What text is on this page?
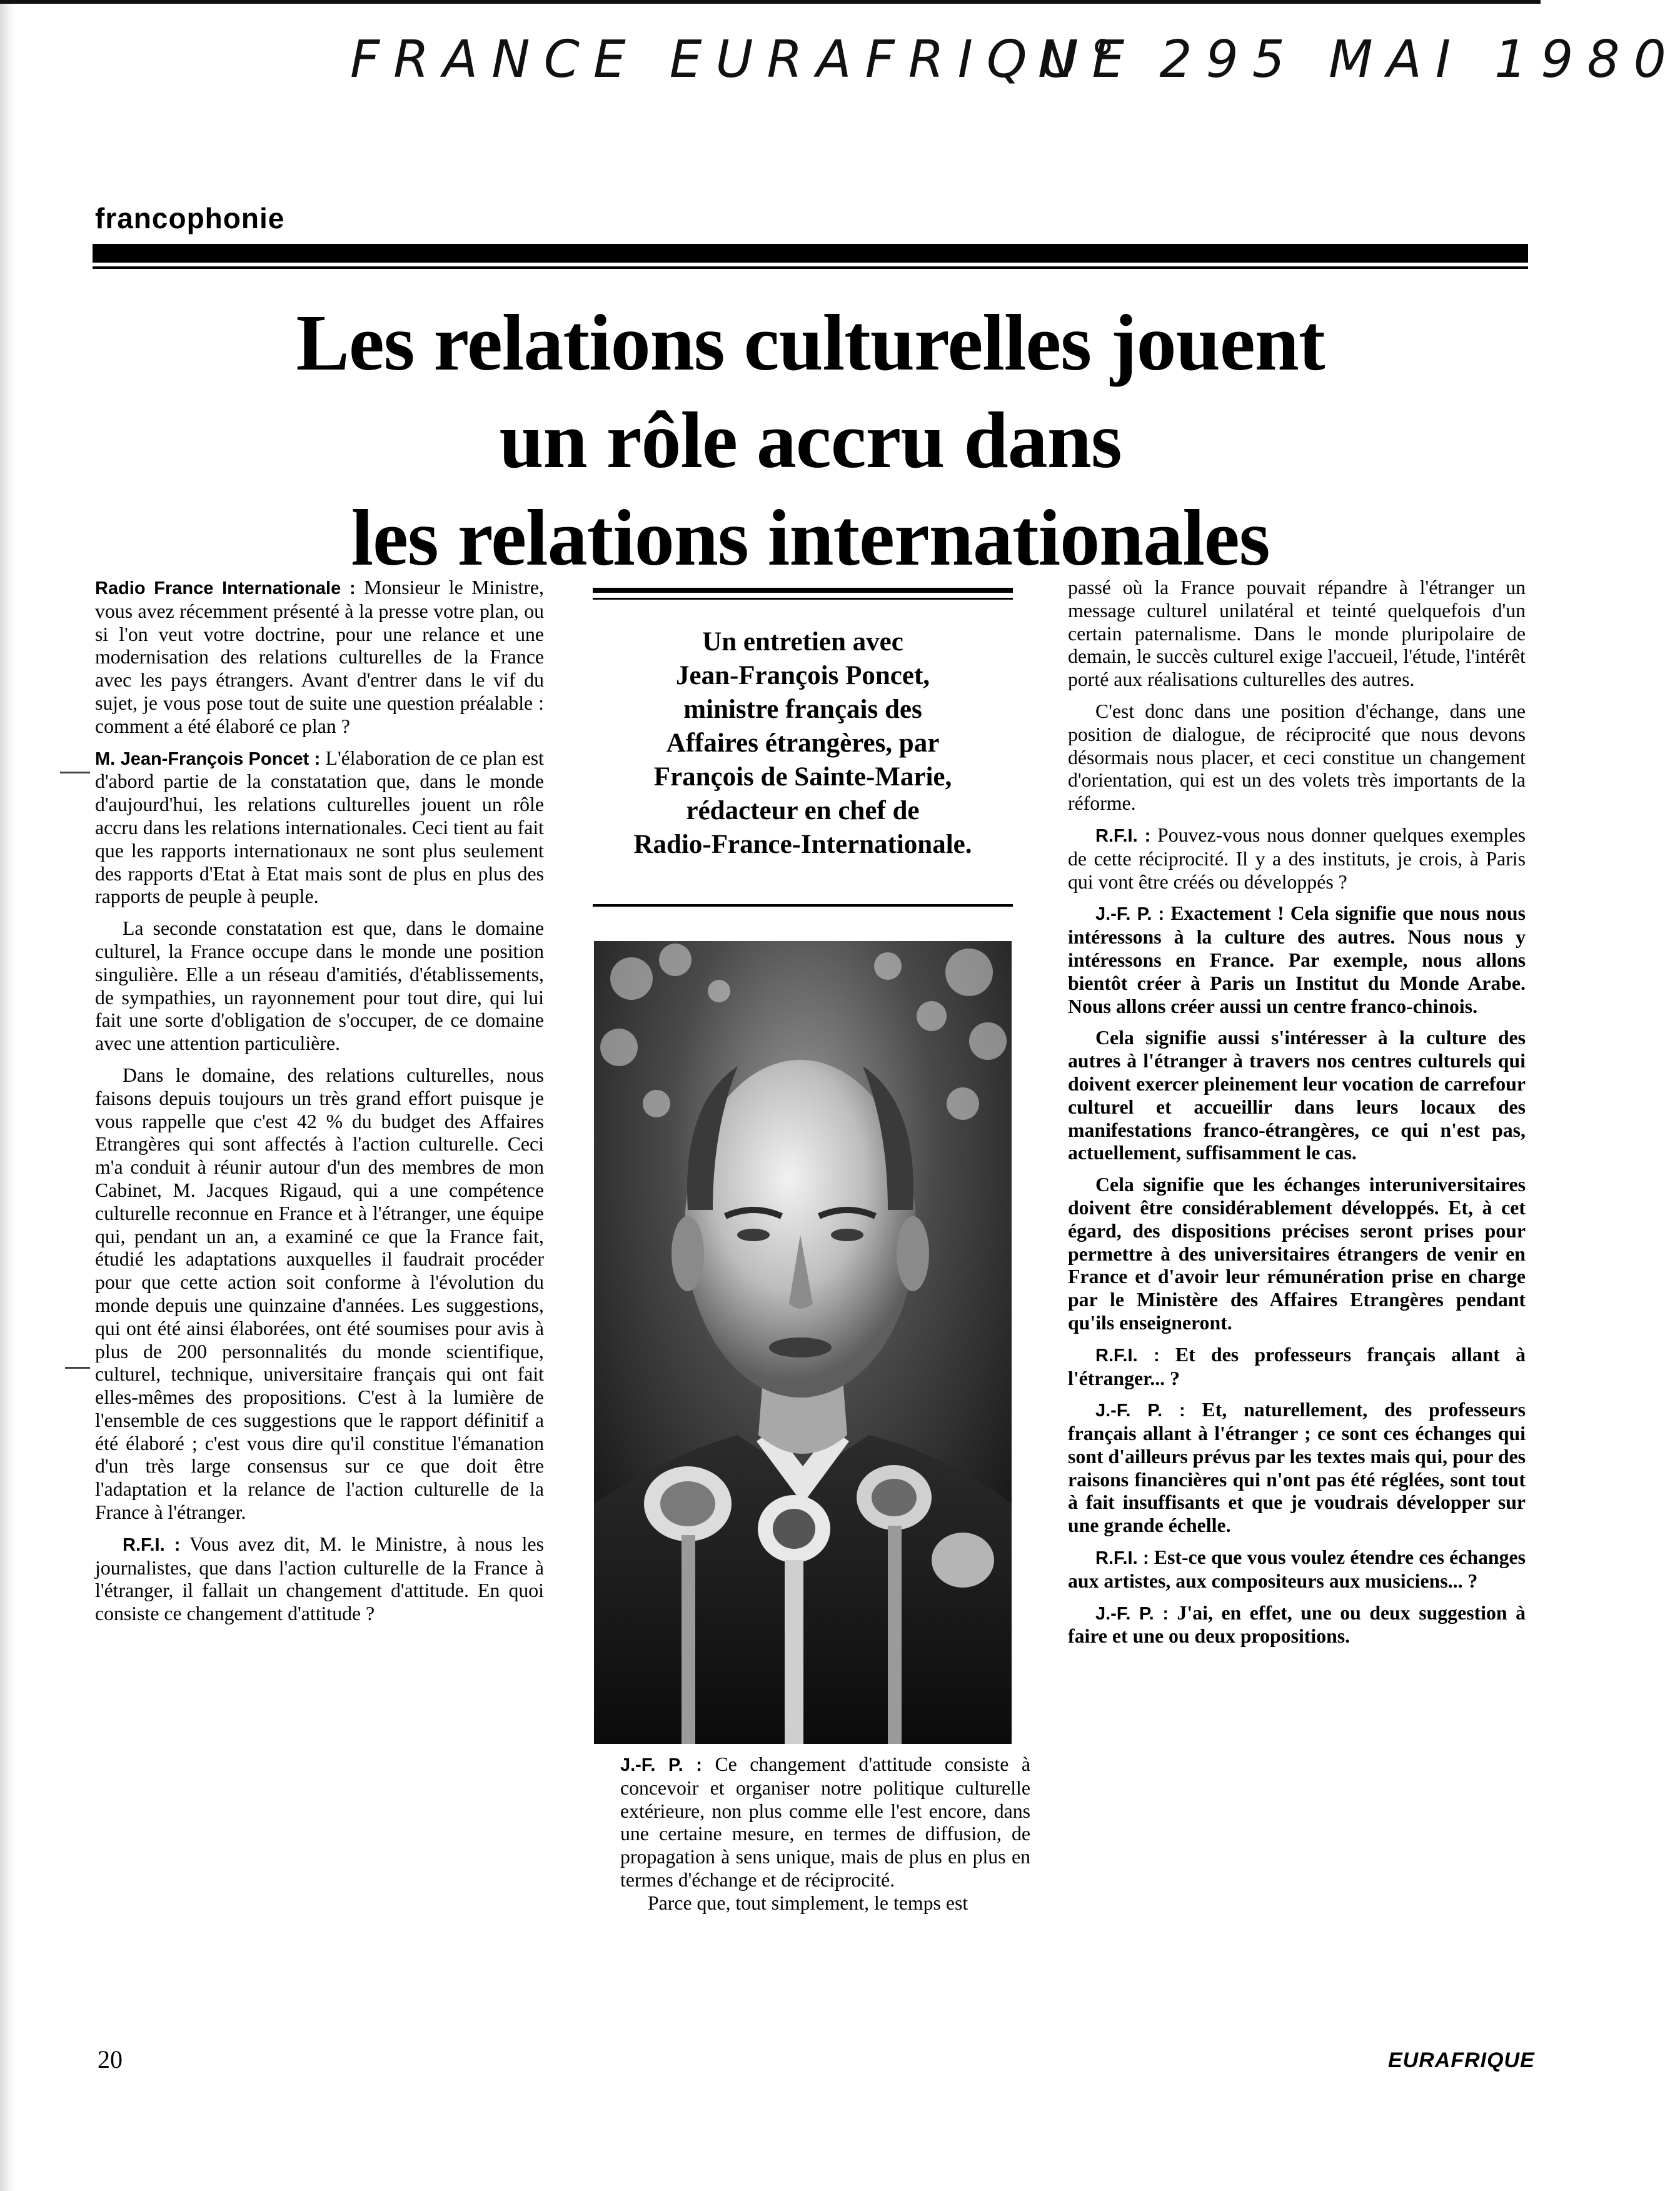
FRANCE EURAFRIQUE
N° 295 MAI 1980
francophonie
Les relations culturelles jouent
un rôle accru dans
les relations internationales

Radio France Internationale : Monsieur le Ministre, vous avez récemment présenté à la presse votre plan, ou si l'on veut votre doctrine, pour une relance et une modernisation des relations culturelles de la France avec les pays étrangers. Avant d'entrer dans le vif du sujet, je vous pose tout de suite une question préalable : comment a été élaboré ce plan ?

M. Jean-François Poncet : L'élaboration de ce plan est d'abord partie de la constatation que, dans le monde d'aujourd'hui, les relations culturelles jouent un rôle accru dans les relations internationales. Ceci tient au fait que les rapports internationaux ne sont plus seulement des rapports d'Etat à Etat mais sont de plus en plus des rapports de peuple à peuple.

La seconde constatation est que, dans le domaine culturel, la France occupe dans le monde une position singulière. Elle a un réseau d'amitiés, d'établissements, de sympathies, un rayonnement pour tout dire, qui lui fait une sorte d'obligation de s'occuper, de ce domaine avec une attention particulière.

Dans le domaine, des relations culturelles, nous faisons depuis toujours un très grand effort puisque je vous rappelle que c'est 42 % du budget des Affaires Etrangères qui sont affectés à l'action culturelle. Ceci m'a conduit à réunir autour d'un des membres de mon Cabinet, M. Jacques Rigaud, qui a une compétence culturelle reconnue en France et à l'étranger, une équipe qui, pendant un an, a examiné ce que la France fait, étudié les adaptations auxquelles il faudrait procéder pour que cette action soit conforme à l'évolution du monde depuis une quinzaine d'années. Les suggestions, qui ont été ainsi élaborées, ont été soumises pour avis à plus de 200 personnalités du monde scientifique, culturel, technique, universitaire français qui ont fait elles-mêmes des propositions. C'est à la lumière de l'ensemble de ces suggestions que le rapport définitif a été élaboré ; c'est vous dire qu'il constitue l'émanation d'un très large consensus sur ce que doit être l'adaptation et la relance de l'action culturelle de la France à l'étranger.

R.F.I. : Vous avez dit, M. le Ministre, à nous les journalistes, que dans l'action culturelle de la France à l'étranger, il fallait un changement d'attitude. En quoi consiste ce changement d'attitude ?

Un entretien avec
Jean-François Poncet,
ministre français des
Affaires étrangères, par
François de Sainte-Marie,
rédacteur en chef de
Radio-France-Internationale.

J.-F. P. : Ce changement d'attitude consiste à concevoir et organiser notre politique culturelle extérieure, non plus comme elle l'est encore, dans une certaine mesure, en termes de diffusion, de propagation à sens unique, mais de plus en plus en termes d'échange et de réciprocité.

Parce que, tout simplement, le temps est

passé où la France pouvait répandre à l'étranger un message culturel unilatéral et teinté quelquefois d'un certain paternalisme. Dans le monde pluripolaire de demain, le succès culturel exige l'accueil, l'étude, l'intérêt porté aux réalisations culturelles des autres.

C'est donc dans une position d'échange, dans une position de dialogue, de réciprocité que nous devons désormais nous placer, et ceci constitue un changement d'orientation, qui est un des volets très importants de la réforme.

R.F.I. : Pouvez-vous nous donner quelques exemples de cette réciprocité. Il y a des instituts, je crois, à Paris qui vont être créés ou développés ?

J.-F. P. : Exactement ! Cela signifie que nous nous intéressons à la culture des autres. Nous nous y intéressons en France. Par exemple, nous allons bientôt créer à Paris un Institut du Monde Arabe. Nous allons créer aussi un centre franco-chinois.

Cela signifie aussi s'intéresser à la culture des autres à l'étranger à travers nos centres culturels qui doivent exercer pleinement leur vocation de carrefour culturel et accueillir dans leurs locaux des manifestations franco-étrangères, ce qui n'est pas, actuellement, suffisamment le cas.

Cela signifie que les échanges interuniversitaires doivent être considérablement développés. Et, à cet égard, des dispositions précises seront prises pour permettre à des universitaires étrangers de venir en France et d'avoir leur rémunération prise en charge par le Ministère des Affaires Etrangères pendant qu'ils enseigneront.

R.F.I. : Et des professeurs français allant à l'étranger... ?

J.-F. P. : Et, naturellement, des professeurs français allant à l'étranger ; ce sont ces échanges qui sont d'ailleurs prévus par les textes mais qui, pour des raisons financières qui n'ont pas été réglées, sont tout à fait insuffisants et que je voudrais développer sur une grande échelle.

R.F.I. : Est-ce que vous voulez étendre ces échanges aux artistes, aux compositeurs aux musiciens... ?

J.-F. P. : J'ai, en effet, une ou deux suggestion à faire et une ou deux propositions.

20	EURAFRIQUE
